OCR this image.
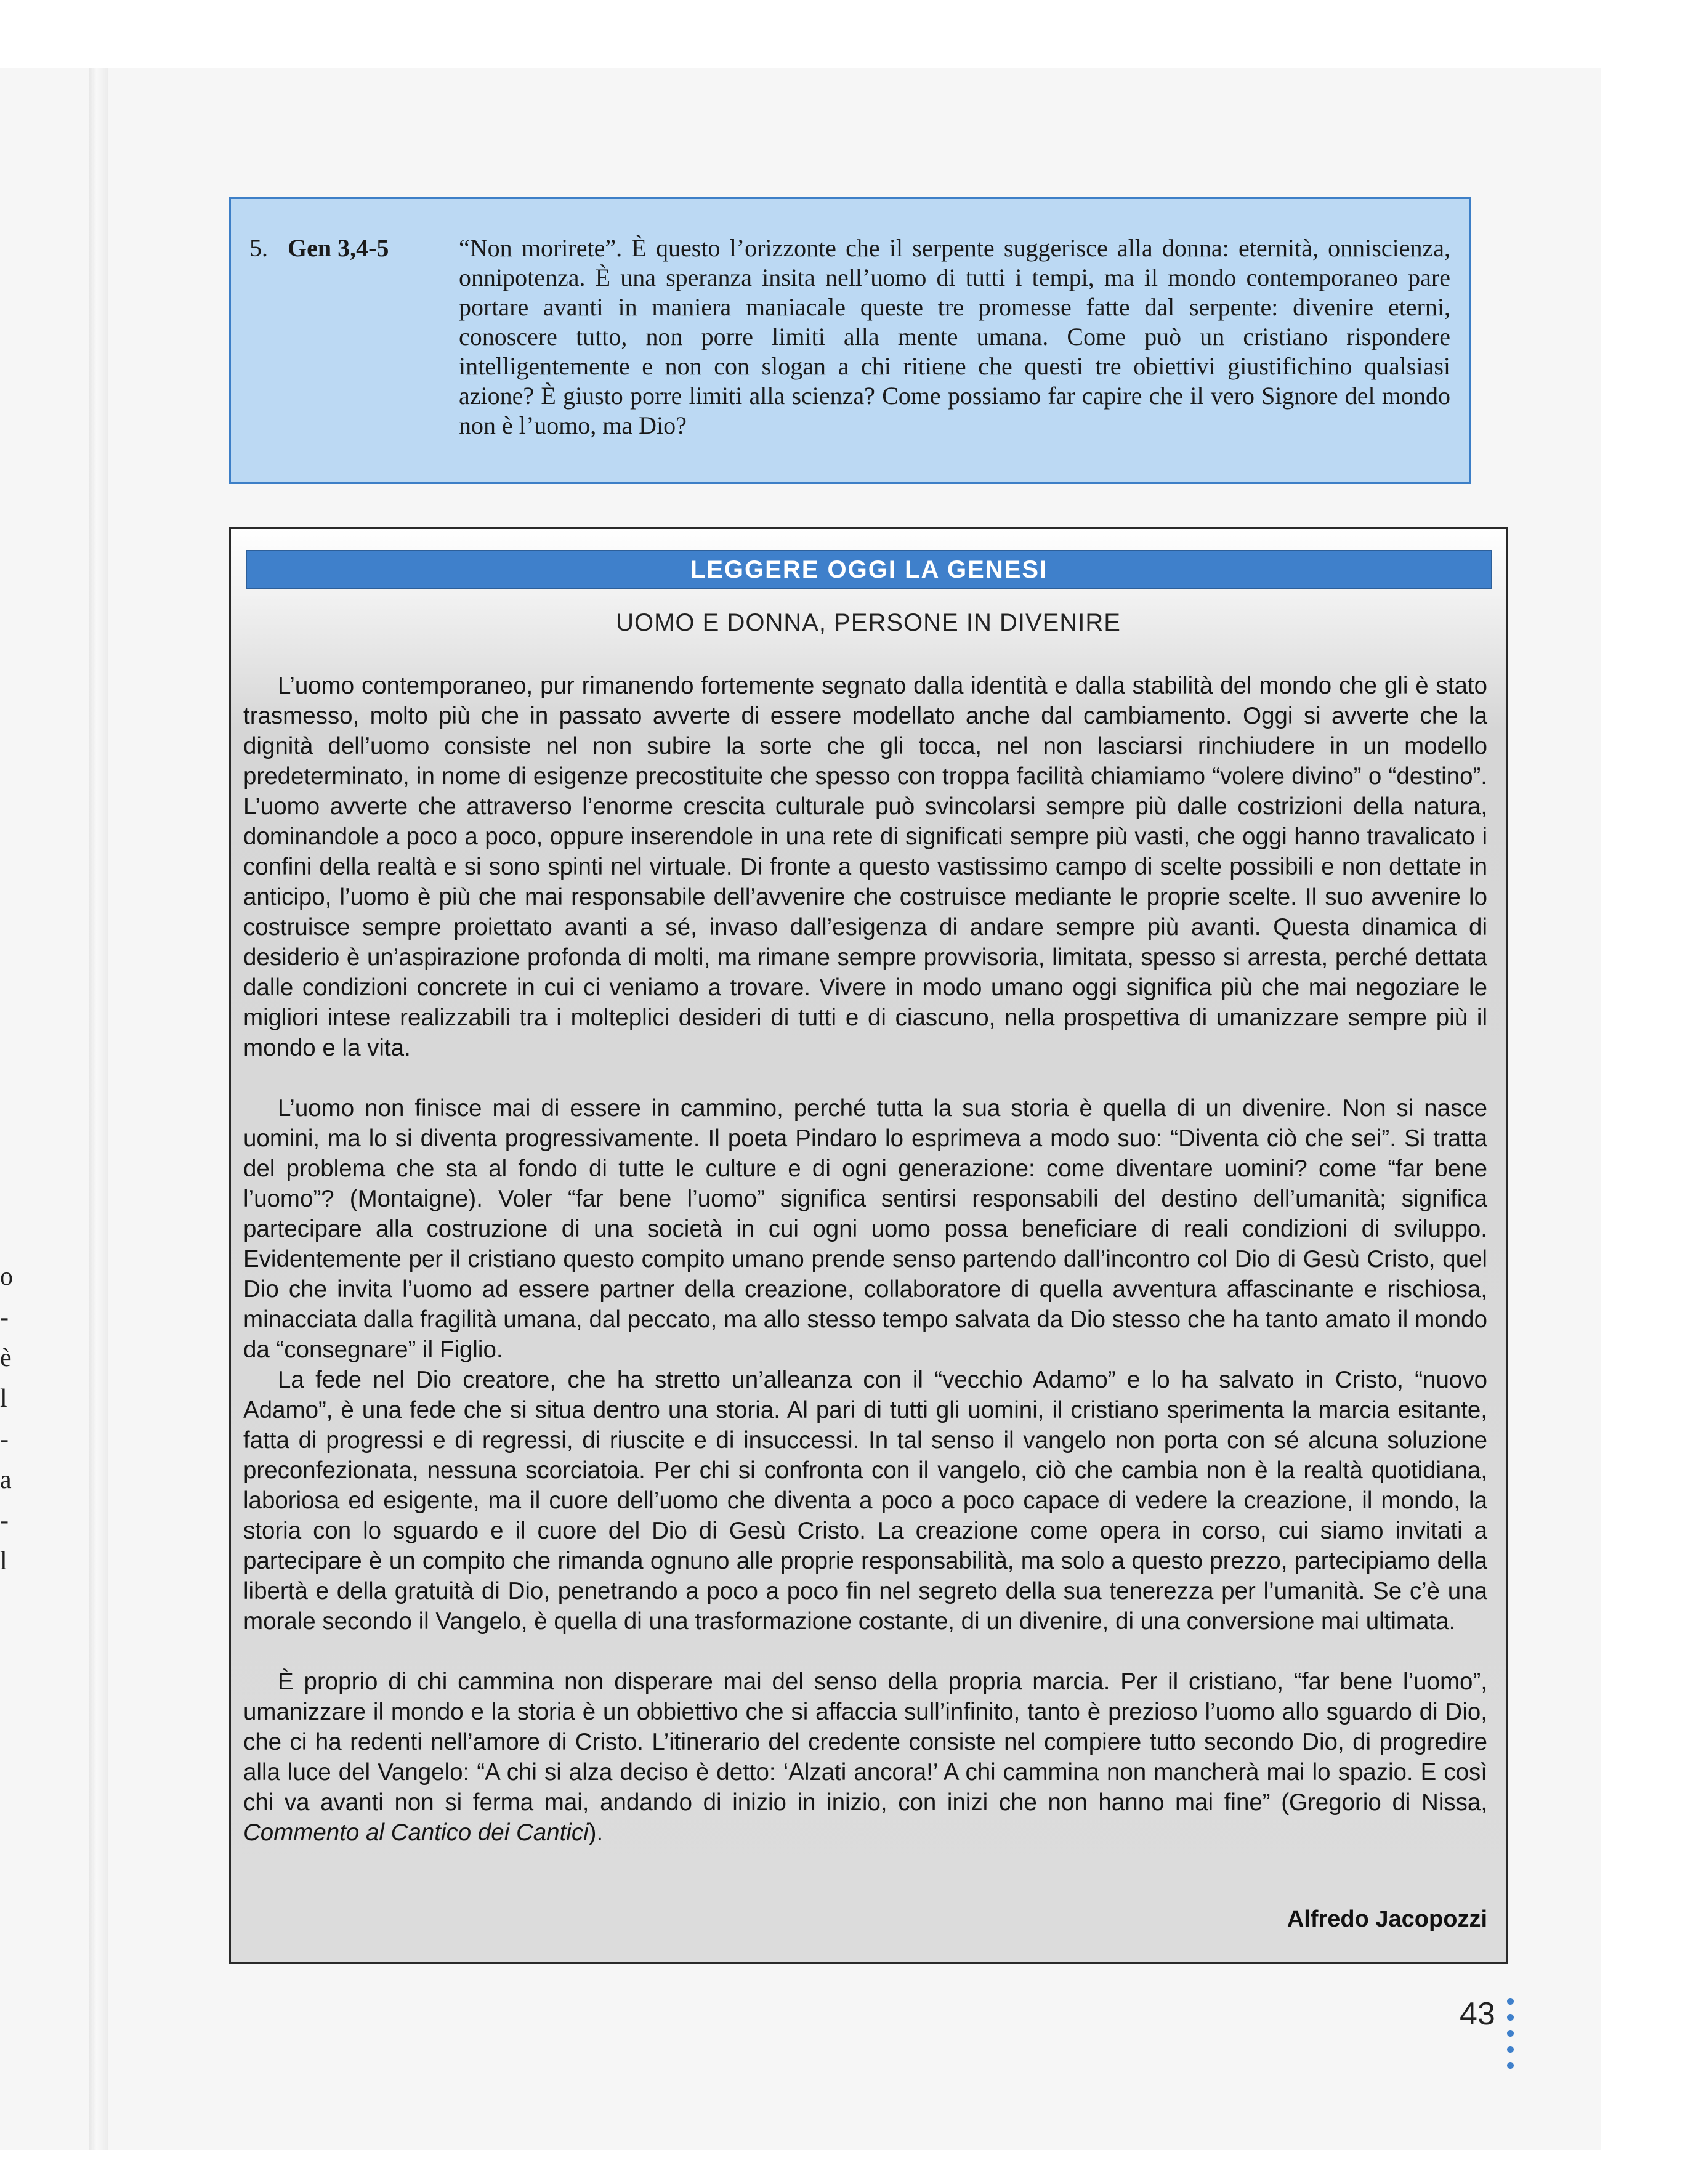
o
-
è
l
-
a
-
l
5. Gen 3,4-5	“Non morirete”. È questo l’orizzonte che il serpente suggerisce alla donna: eternità, onniscienza, onnipotenza. È una speranza insita nell’uomo di tutti i tempi, ma il mondo contemporaneo pare portare avanti in maniera maniacale queste tre promesse fatte dal serpente: divenire eterni, conoscere tutto, non porre limiti alla mente umana. Come può un cristiano rispondere intelligentemente e non con slogan a chi ritiene che questi tre obiettivi giustifichino qualsiasi azione? È giusto porre limiti alla scienza? Come possiamo far capire che il vero Signore del mondo non è l’uomo, ma Dio?
LEGGERE OGGI LA GENESI
UOMO E DONNA, PERSONE IN DIVENIRE

L’uomo contemporaneo, pur rimanendo fortemente segnato dalla identità e dalla stabilità del mondo che gli è stato trasmesso, molto più che in passato avverte di essere modellato anche dal cambiamento. Oggi si avverte che la dignità dell’uomo consiste nel non subire la sorte che gli tocca, nel non lasciarsi rinchiudere in un modello predeterminato, in nome di esigenze precostituite che spesso con troppa facilità chiamiamo “volere divino” o “destino”. L’uomo avverte che attraverso l’enorme crescita culturale può svincolarsi sempre più dalle costrizioni della natura, dominandole a poco a poco, oppure inserendole in una rete di significati sempre più vasti, che oggi hanno travalicato i confini della realtà e si sono spinti nel virtuale. Di fronte a questo vastissimo campo di scelte possibili e non dettate in anticipo, l’uomo è più che mai responsabile dell’avvenire che costruisce mediante le proprie scelte. Il suo avvenire lo costruisce sempre proiettato avanti a sé, invaso dall’esigenza di andare sempre più avanti. Questa dinamica di desiderio è un’aspirazione profonda di molti, ma rimane sempre provvisoria, limitata, spesso si arresta, perché dettata dalle condizioni concrete in cui ci veniamo a trovare. Vivere in modo umano oggi significa più che mai negoziare le migliori intese realizzabili tra i molteplici desideri di tutti e di ciascuno, nella prospettiva di umanizzare sempre più il mondo e la vita.

L’uomo non finisce mai di essere in cammino, perché tutta la sua storia è quella di un divenire. Non si nasce uomini, ma lo si diventa progressivamente. Il poeta Pindaro lo esprimeva a modo suo: “Diventa ciò che sei”. Si tratta del problema che sta al fondo di tutte le culture e di ogni generazione: come diventare uomini? come “far bene l’uomo”? (Montaigne). Voler “far bene l’uomo” significa sentirsi responsabili del destino dell’umanità; significa partecipare alla costruzione di una società in cui ogni uomo possa beneficiare di reali condizioni di sviluppo. Evidentemente per il cristiano questo compito umano prende senso partendo dall’incontro col Dio di Gesù Cristo, quel Dio che invita l’uomo ad essere partner della creazione, collaboratore di quella avventura affascinante e rischiosa, minacciata dalla fragilità umana, dal peccato, ma allo stesso tempo salvata da Dio stesso che ha tanto amato il mondo da “consegnare” il Figlio.

La fede nel Dio creatore, che ha stretto un’alleanza con il “vecchio Adamo” e lo ha salvato in Cristo, “nuovo Adamo”, è una fede che si situa dentro una storia. Al pari di tutti gli uomini, il cristiano sperimenta la marcia esitante, fatta di progressi e di regressi, di riuscite e di insuccessi. In tal senso il vangelo non porta con sé alcuna soluzione preconfezionata, nessuna scorciatoia. Per chi si confronta con il vangelo, ciò che cambia non è la realtà quotidiana, laboriosa ed esigente, ma il cuore dell’uomo che diventa a poco a poco capace di vedere la creazione, il mondo, la storia con lo sguardo e il cuore del Dio di Gesù Cristo. La creazione come opera in corso, cui siamo invitati a partecipare è un compito che rimanda ognuno alle proprie responsabilità, ma solo a questo prezzo, partecipiamo della libertà e della gratuità di Dio, penetrando a poco a poco fin nel segreto della sua tenerezza per l’umanità. Se c’è una morale secondo il Vangelo, è quella di una trasformazione costante, di un divenire, di una conversione mai ultimata.

È proprio di chi cammina non disperare mai del senso della propria marcia. Per il cristiano, “far bene l’uomo”, umanizzare il mondo e la storia è un obbiettivo che si affaccia sull’infinito, tanto è prezioso l’uomo allo sguardo di Dio, che ci ha redenti nell’amore di Cristo. L’itinerario del credente consiste nel compiere tutto secondo Dio, di progredire alla luce del Vangelo: “A chi si alza deciso è detto: ‘Alzati ancora!’ A chi cammina non mancherà mai lo spazio. E così chi va avanti non si ferma mai, andando di inizio in inizio, con inizi che non hanno mai fine” (Gregorio di Nissa, Commento al Cantico dei Cantici).

Alfredo Jacopozzi
43
